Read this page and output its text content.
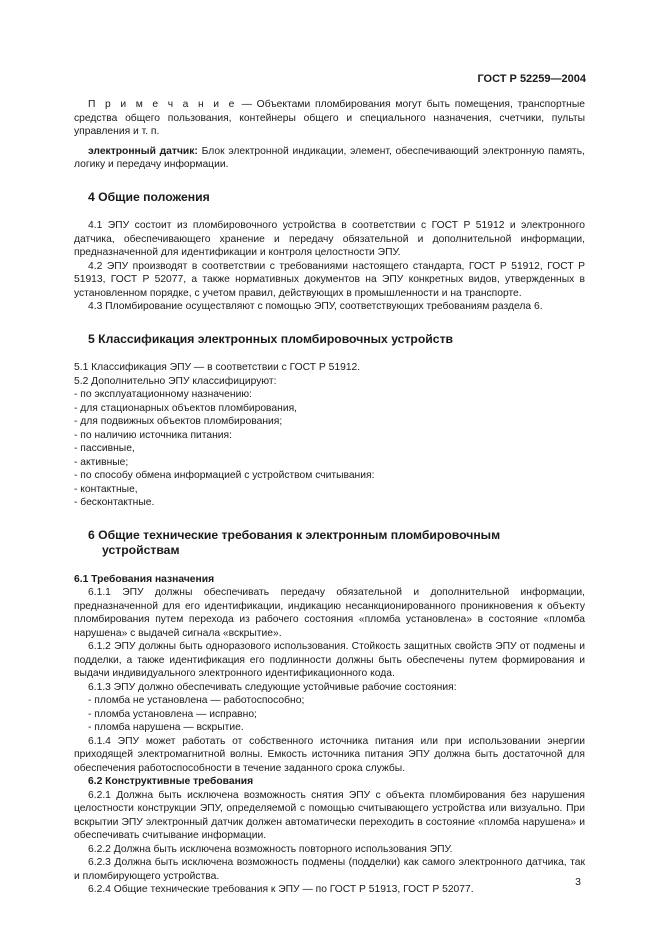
ГОСТ Р 52259—2004

П р и м е ч а н и е — Объектами пломбирования могут быть помещения, транспортные средства общего пользования, контейнеры общего и специального назначения, счетчики, пульты управления и т. п.

электронный датчик: Блок электронной индикации, элемент, обеспечивающий электронную память, логику и передачу информации.

4 Общие положения

4.1 ЭПУ состоит из пломбировочного устройства в соответствии с ГОСТ Р 51912 и электронного датчика, обеспечивающего хранение и передачу обязательной и дополнительной информации, предназначенной для идентификации и контроля целостности ЭПУ.

4.2 ЭПУ производят в соответствии с требованиями настоящего стандарта, ГОСТ Р 51912, ГОСТ Р 51913, ГОСТ Р 52077, а также нормативных документов на ЭПУ конкретных видов, утвержденных в установленном порядке, с учетом правил, действующих в промышленности и на транспорте.

4.3 Пломбирование осуществляют с помощью ЭПУ, соответствующих требованиям раздела 6.

5 Классификация электронных пломбировочных устройств

5.1 Классификация ЭПУ — в соответствии с ГОСТ Р 51912.

5.2 Дополнительно ЭПУ классифицируют:

- по эксплуатационному назначению:

- для стационарных объектов пломбирования,

- для подвижных объектов пломбирования;

- по наличию источника питания:

- пассивные,

- активные;

- по способу обмена информацией с устройством считывания:

- контактные,

- бесконтактные.

6 Общие технические требования к электронным пломбировочным
устройствам
6.1 Требования назначения

6.1.1 ЭПУ должны обеспечивать передачу обязательной и дополнительной информации, предназначенной для его идентификации, индикацию несанкционированного проникновения к объекту пломбирования путем перехода из рабочего состояния «пломба установлена» в состояние «пломба нарушена» с выдачей сигнала «вскрытие».

6.1.2 ЭПУ должны быть одноразового использования. Стойкость защитных свойств ЭПУ от подмены и подделки, а также идентификация его подлинности должны быть обеспечены путем формирования и выдачи индивидуального электронного идентификационного кода.

6.1.3 ЭПУ должно обеспечивать следующие устойчивые рабочие состояния:

- пломба не установлена — работоспособно;

- пломба установлена — исправно;

- пломба нарушена — вскрытие.

6.1.4 ЭПУ может работать от собственного источника питания или при использовании энергии приходящей электромагнитной волны. Емкость источника питания ЭПУ должна быть достаточной для обеспечения работоспособности в течение заданного срока службы.

6.2 Конструктивные требования

6.2.1 Должна быть исключена возможность снятия ЭПУ с объекта пломбирования без нарушения целостности конструкции ЭПУ, определяемой с помощью считывающего устройства или визуально. При вскрытии ЭПУ электронный датчик должен автоматически переходить в состояние «пломба нарушена» и обеспечивать считывание информации.

6.2.2 Должна быть исключена возможность повторного использования ЭПУ.

6.2.3 Должна быть исключена возможность подмены (подделки) как самого электронного датчика, так и пломбирующего устройства.

6.2.4 Общие технические требования к ЭПУ — по ГОСТ Р 51913, ГОСТ Р 52077.

3
